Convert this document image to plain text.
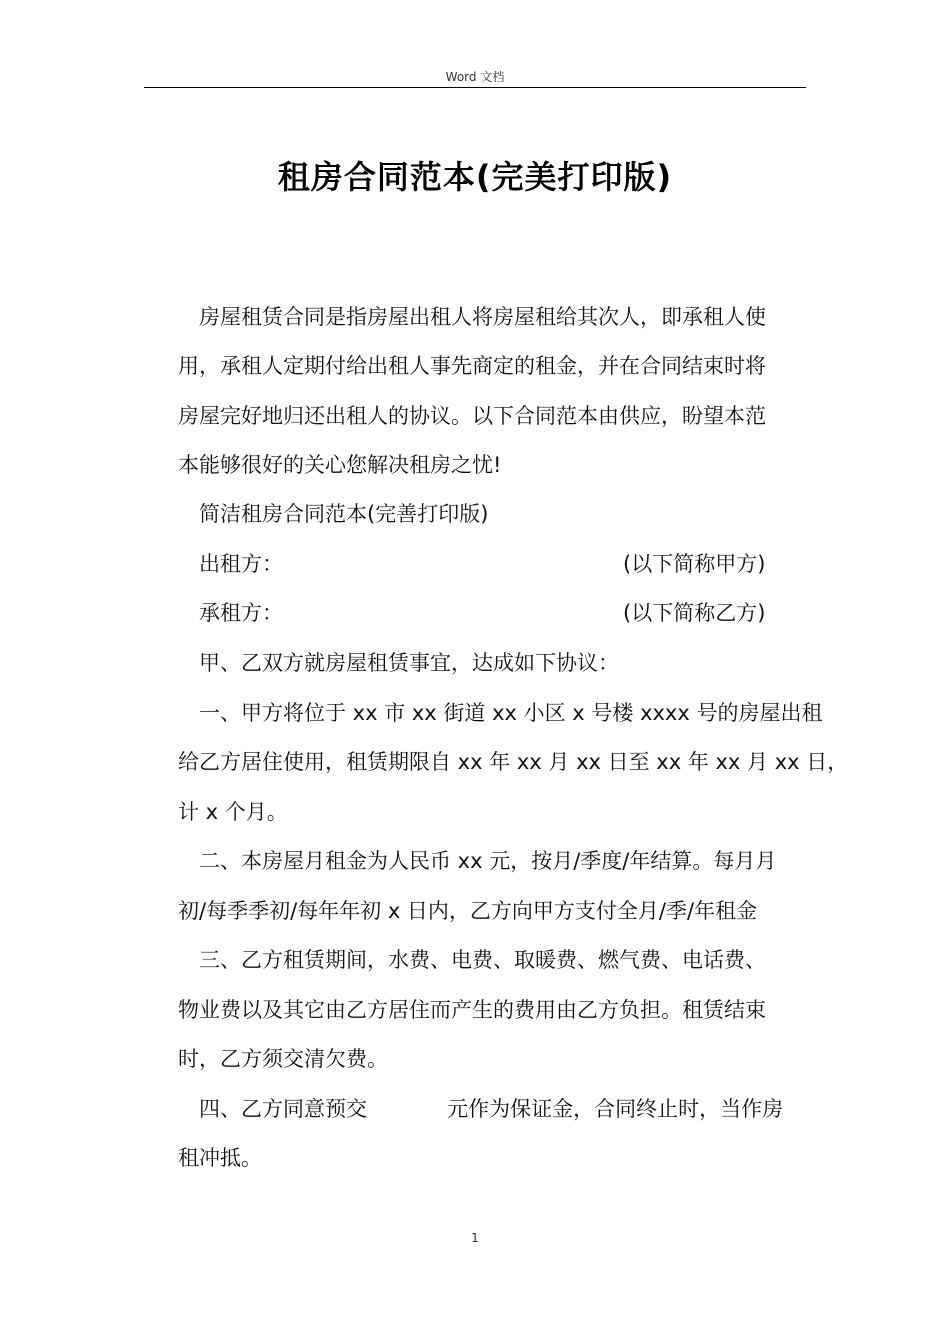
Word 文档
租房合同范本(完美打印版)
房屋租赁合同是指房屋出租人将房屋租给其次人，即承租人使
用，承租人定期付给出租人事先商定的租金，并在合同结束时将
房屋完好地归还出租人的协议。以下合同范本由供应，盼望本范
本能够很好的关心您解决租房之忧!
简洁租房合同范本(完善打印版)
出租方：	(以下简称甲方)
承租方：	(以下简称乙方)
甲、乙双方就房屋租赁事宜，达成如下协议：
一、甲方将位于 xx 市 xx 街道 xx 小区 x 号楼 xxxx 号的房屋出租
给乙方居住使用，租赁期限自 xx 年 xx 月 xx 日至 xx 年 xx 月 xx 日，
计 x 个月。
二、本房屋月租金为人民币 xx 元，按月/季度/年结算。每月月
初/每季季初/每年年初 x 日内，乙方向甲方支付全月/季/年租金
三、乙方租赁期间，水费、电费、取暖费、燃气费、电话费、
物业费以及其它由乙方居住而产生的费用由乙方负担。租赁结束
时，乙方须交清欠费。
四、乙方同意预交            元作为保证金，合同终止时，当作房
租冲抵。
1
